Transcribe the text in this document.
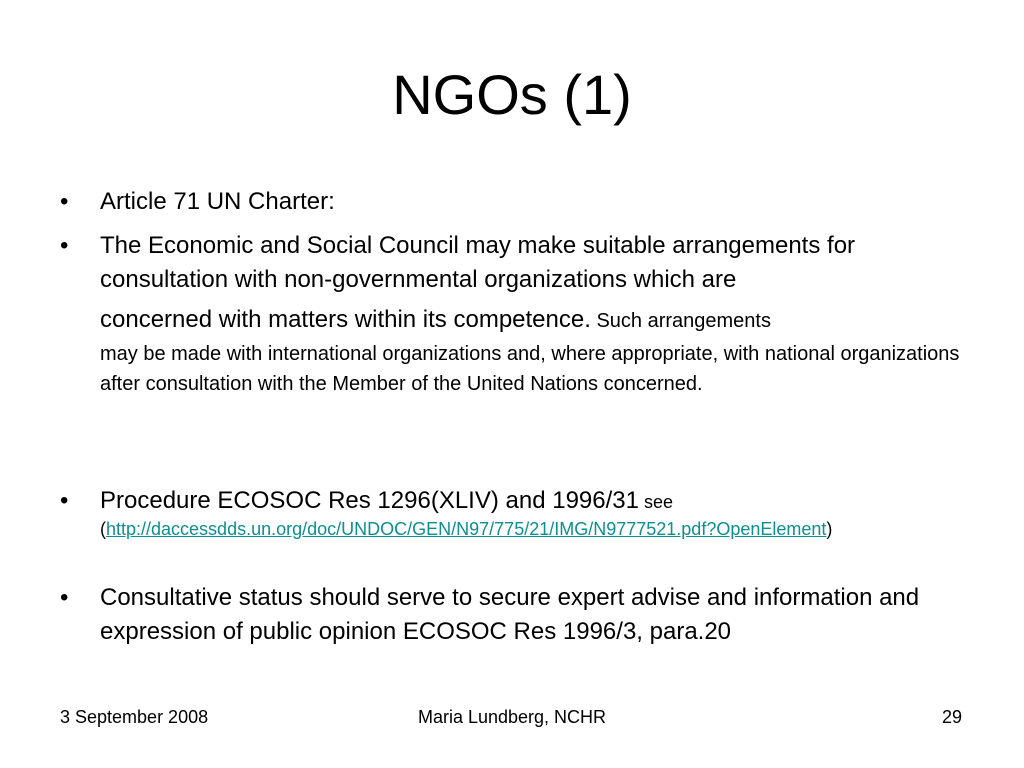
NGOs (1)
• Article 71 UN Charter:
• The Economic and Social Council may make suitable arrangements for consultation with non-governmental organizations which are
concerned with matters within its competence. Such arrangements
may be made with international organizations and, where appropriate, with national organizations after consultation with the Member of the United Nations concerned.
• Procedure ECOSOC Res 1296(XLIV) and 1996/31 see
(http://daccessdds.un.org/doc/UNDOC/GEN/N97/775/21/IMG/N9777521.pdf?OpenElement)
• Consultative status should serve to secure expert advise and information and expression of public opinion ECOSOC Res 1996/3, para.20
3 September 2008	Maria Lundberg, NCHR	29
